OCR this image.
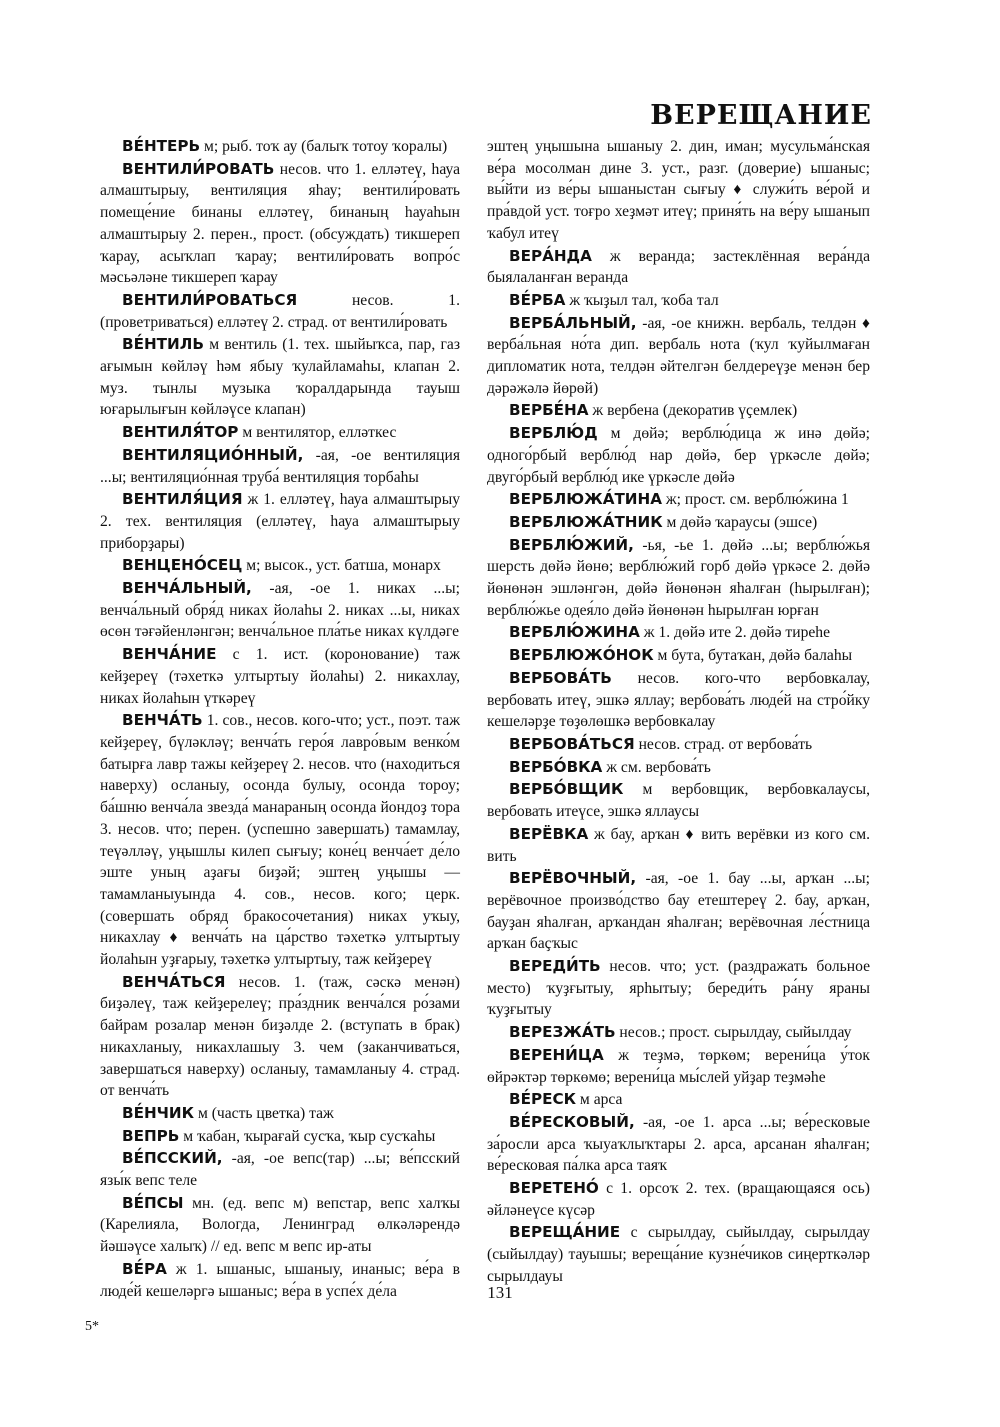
ВЕРЕЩАНИЕ

ВЕ́НТЕРЬ м; рыб. тоҡ ау (балыҡ тотоу ҡоралы)

ВЕНТИЛИ́РОВАТЬ несов. что 1. елләтеү, һауа алмаштырыу, вентиляция яһау; вентили́ровать помеще́ние бинаны елләтеү, бинаның һауаһын алмаштырыу 2. перен., прост. (обсуждать) тикшереп ҡарау, асыҡлап ҡарау; вентили́ровать вопро́с мәсьәләне тикшереп ҡарау

ВЕНТИЛИ́РОВАТЬСЯ несов. 1. (проветриваться) елләтеү 2. страд. от вентили́ровать

ВЕ́НТИЛЬ м вентиль (1. тех. шыйыҡса, пар, газ ағымын көйләү һәм ябыу ҡулайламаһы, клапан 2. муз. тынлы музыка ҡоралдарында тауыш юғарылығын көйләүсе клапан)

ВЕНТИЛЯ́ТОР м вентилятор, елләткес

ВЕНТИЛЯЦИО́ННЫЙ, -ая, -ое вентиляция ...ы; вентиляцио́нная труба́ вентиляция торбаһы

ВЕНТИЛЯ́ЦИЯ ж 1. елләтеү, һауа алмаштырыу 2. тех. вентиляция (елләтеү, һауа алмаштырыу приборҙары)

ВЕНЦЕНО́СЕЦ м; высок., уст. батша, монарх

ВЕНЧА́ЛЬНЫЙ, -ая, -ое 1. никах ...ы; венча́льный обря́д никах йолаһы 2. никах ...ы, никах өсөн тәғәйенләнгән; венча́льное пла́тье никах күлдәге

ВЕНЧА́НИЕ с 1. ист. (коронование) таж кейҙереү (тәхеткә ултыртыу йолаһы) 2. никахлау, никах йолаһын үткәреү

ВЕНЧА́ТЬ 1. сов., несов. кого-что; уст., поэт. таж кейҙереү, бүләкләү; венча́ть геро́я лавро́вым венко́м батырға лавр тажы кейҙереү 2. несов. что (находиться наверху) осланыу, осонда булыу, осонда тороу; ба́шню венча́ла звезда́ манараның осонда йондоҙ тора 3. несов. что; перен. (успешно завершать) тамамлау, теүәлләү, уңышлы килеп сығыу; коне́ц венча́ет де́ло эште уның аҙағы биҙәй; эштең уңышы — тамамланыуында 4. сов., несов. кого; церк. (совершать обряд бракосочетания) никах уҡыу, никахлау ♦ венча́ть на ца́рство тәхеткә ултыртыу йолаһын уҙғарыу, тәхеткә ултыртыу, таж кейҙереү

ВЕНЧА́ТЬСЯ несов. 1. (таж, сәскә менән) биҙәлеү, таж кейҙерелеү; пра́здник венча́лся ро́зами байрам розалар менән биҙәлде 2. (вступать в брак) никахланыу, никахлашыу 3. чем (заканчиваться, завершаться наверху) осланыу, тамамланыу 4. страд. от венча́ть

ВЕ́НЧИК м (часть цветка) таж

ВЕПРЬ м ҡабан, ҡырағай сусҡа, ҡыр сусҡаһы

ВЕ́ПССКИЙ, -ая, -ое вепс(тар) ...ы; ве́псский язы́к вепс теле

ВЕ́ПСЫ мн. (ед. вепс м) вепстар, вепс халҡы (Карелияла, Вологда, Ленинград өлкәләрендә йәшәүсе халыҡ) // ед. вепс м вепс ир-аты

ВЕ́РА ж 1. ышаныс, ышаныу, инаныс; ве́ра в люде́й кешеләргә ышаныс; ве́ра в успе́х де́ла

эштең уңышына ышаныу 2. дин, иман; мусульма́нская ве́ра мосолман дине 3. уст., разг. (доверие) ышаныс; вы́йти из ве́ры ышаныстан сығыу ♦ служи́ть ве́рой и пра́вдой уст. тоғро хеҙмәт итеү; приня́ть на ве́ру ышанып ҡабул итеү

ВЕРА́НДА ж веранда; застеклённая вера́нда быялаланған веранда

ВЕ́РБА ж ҡыҙыл тал, ҡоба тал

ВЕРБА́ЛЬНЫЙ, -ая, -ое книжн. вербаль, телдән ♦ верба́льная но́та дип. вербаль нота (ҡул ҡуйылмаған дипломатик нота, телдән әйтелгән белдереүҙе менән бер дәрәжәлә йөрөй)

ВЕРБЕ́НА ж вербена (декоратив үҫемлек)

ВЕРБЛЮ́Д м дөйә; верблю́дица ж инә дөйә; одного́рбый верблю́д нар дөйә, бер үркәсле дөйә; двуго́рбый верблю́д ике үркәсле дөйә

ВЕРБЛЮЖА́ТИНА ж; прост. см. верблю́жина 1

ВЕРБЛЮЖА́ТНИК м дөйә ҡараусы (эшсе)

ВЕРБЛЮ́ЖИЙ, -ья, -ье 1. дөйә ...ы; верблю́жья шерсть дөйә йөнө; верблю́жий горб дөйә үркәсе 2. дөйә йөнөнән эшләнгән, дөйә йөнөнән яһалған (һырылған); верблю́жье одея́ло дөйә йөнөнән һырылған юрған

ВЕРБЛЮ́ЖИНА ж 1. дөйә ите 2. дөйә тиреһе

ВЕРБЛЮЖО́НОК м бута, бутаҡан, дөйә балаһы

ВЕРБОВА́ТЬ несов. кого-что вербовкалау, вербовать итеү, эшкә яллау; вербова́ть люде́й на стро́йку кешеләрҙе төҙөлөшкә вербовкалау

ВЕРБОВА́ТЬСЯ несов. страд. от вербова́ть

ВЕРБО́ВКА ж см. вербова́ть

ВЕРБО́ВЩИК м вербовщик, вербовкалаусы, вербовать итеүсе, эшкә яллаусы

ВЕРЁВКА ж бау, арҡан ♦ вить верёвки из кого см. вить

ВЕРЁВОЧНЫЙ, -ая, -ое 1. бау ...ы, арҡан ...ы; верёвочное произво́дство бау етештереү 2. бау, арҡан, бауҙан яһалған, арҡандан яһалған; верёвочная ле́стница арҡан баҫҡыс

ВЕРЕДИ́ТЬ несов. что; уст. (раздражать больное место) ҡуҙғытыу, ярһытыу; береди́ть ра́ну яраны ҡуҙғытыу

ВЕРЕЗЖА́ТЬ несов.; прост. сырылдау, сыйылдау

ВЕРЕНИ́ЦА ж теҙмә, төркөм; верени́ца у́ток өйрәктәр төркөмө; верени́ца мы́слей уйҙар теҙмәһе

ВЕ́РЕСК м арса

ВЕ́РЕСКОВЫЙ, -ая, -ое 1. арса ...ы; ве́ресковые за́росли арса ҡыуаҡлыҡтары 2. арса, арсанан яһалған; ве́ресковая па́лка арса таяҡ

ВЕРЕТЕНО́ с 1. орсоҡ 2. тех. (вращающаяся ось) әйләнеүсе күсәр

ВЕРЕЩА́НИЕ с сырылдау, сыйылдау, сырылдау (сыйылдау) тауышы; вереща́ние кузне́чиков сиңерткәләр сырылдауы

131
5*
